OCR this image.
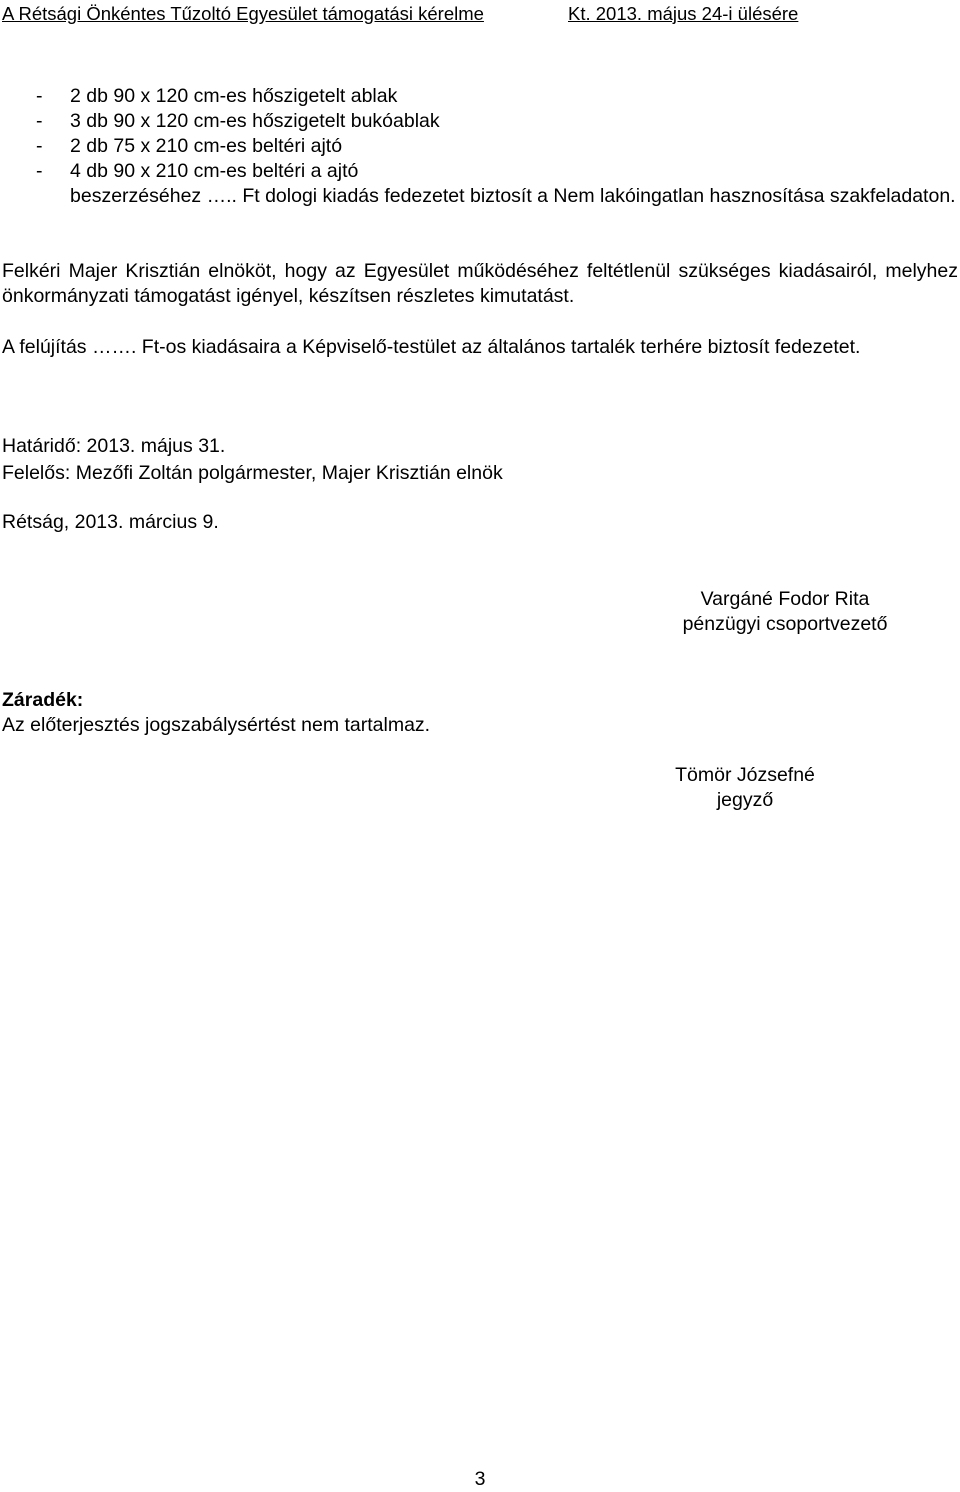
A Rétsági Önkéntes Tűzoltó Egyesület támogatási kérelme	Kt. 2013. május 24-i ülésére
- 2 db 90 x 120 cm-es hőszigetelt ablak
- 3 db 90 x 120 cm-es hőszigetelt bukóablak
- 2 db 75 x 210 cm-es beltéri ajtó
- 4 db 90 x 210 cm-es beltéri a ajtó
beszerzéséhez ….. Ft dologi kiadás fedezetet biztosít a Nem lakóingatlan hasznosítása szakfeladaton.

Felkéri Majer Krisztián elnököt, hogy az Egyesület működéséhez feltétlenül szükséges kiadásairól, melyhez önkormányzati támogatást igényel, készítsen részletes kimutatást.

A felújítás ……. Ft-os kiadásaira a Képviselő-testület az általános tartalék terhére biztosít fedezetet.

Határidő: 2013. május 31.

Felelős: Mezőfi Zoltán polgármester, Majer Krisztián elnök

Rétság, 2013. március 9.

Vargáné Fodor Rita
pénzügyi csoportvezető
Záradék:
Az előterjesztés jogszabálysértést nem tartalmaz.
Tömör Józsefné
jegyző
3
